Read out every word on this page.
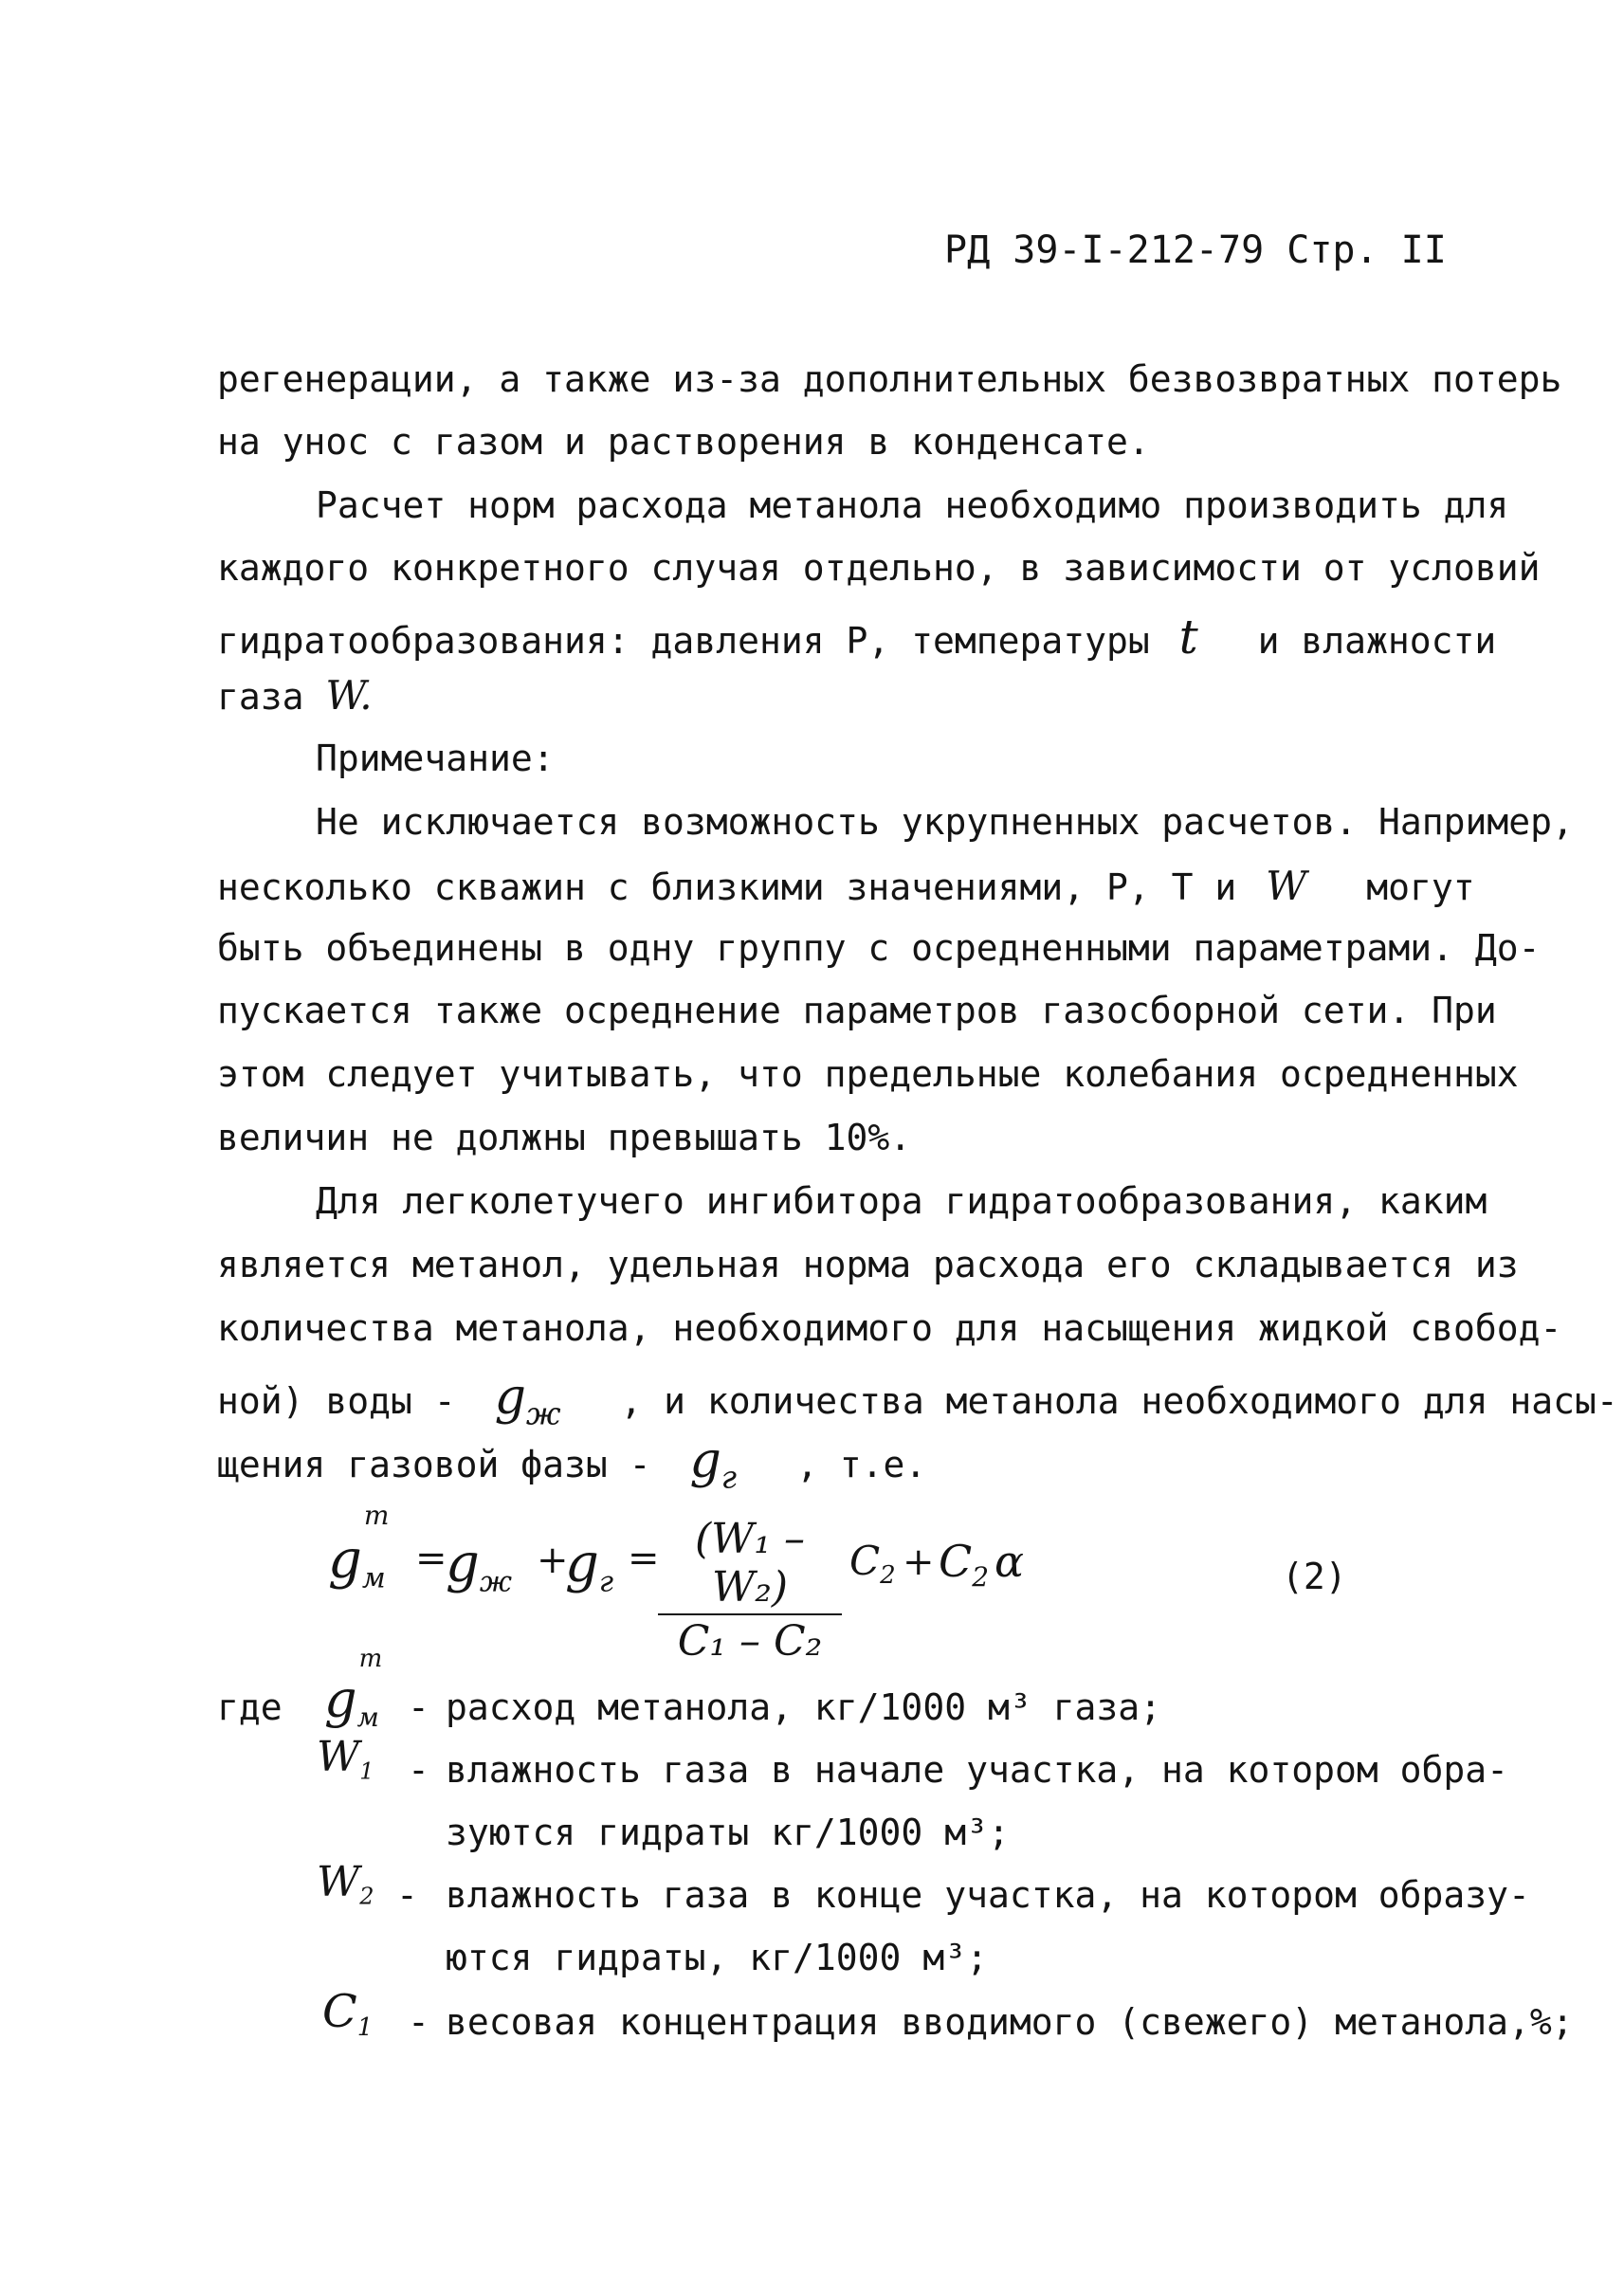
РД 39-I-212-79 Стр. II
регенерации, а также из-за дополнительных безвозвратных потерь
на унос с газом и растворения в конденсате.
Расчет норм расхода метанола необходимо производить для
каждого конкретного случая отдельно, в зависимости от условий
гидратообразования: давления Р, температуры t и влажности
газа W.
Примечание:
Не исключается возможность укрупненных расчетов. Например,
несколько скважин с близкими значениями, Р, Т и W могут
быть объединены в одну группу с осредненными параметрами. До-
пускается также осреднение параметров газосборной сети. При
этом следует учитывать, что предельные колебания осредненных
величин не должны превышать 10%.
Для легколетучего ингибитора гидратообразования, каким
является метанол, удельная норма расхода его складывается из
количества метанола, необходимого для насыщения жидкой свобод-
ной) воды - $g_ж$ , и количества метанола необходимого для насы-
щения газовой фазы - $g_г$ , т.е.
g
т
$_м$ =
$g_ж$ +
$g_г$
= (W₁ – W₂)
C₁ – C₂
$C_2 + C_2$ α	(2)
где g
т
$_м$ - расход метанола, кг/1000 м³ газа;
$W_1$ - влажность газа в начале участка, на котором обра-
зуются гидраты кг/1000 м³;
$W_2$ - влажность газа в конце участка, на котором образу-
ются гидраты, кг/1000 м³;
$C_1$ - весовая концентрация вводимого (свежего) метанола,%;
